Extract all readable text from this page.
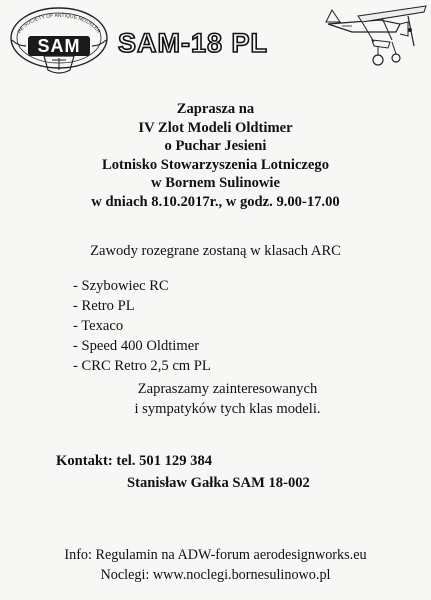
HE SOCIETY OF ANTIQUE MODELER
SAM SAM-18 PL
Zaprasza na
IV Zlot Modeli Oldtimer
o Puchar Jesieni
Lotnisko Stowarzyszenia Lotniczego
w Bornem Sulinowie
w dniach 8.10.2017r., w godz. 9.00-17.00
Zawody rozegrane zostaną w klasach ARC
- Szybowiec RC
- Retro PL
- Texaco
- Speed 400 Oldtimer
- CRC Retro 2,5 cm PL
Zapraszamy zainteresowanych
i sympatyków tych klas modeli.
Kontakt: tel. 501 129 384
Stanisław Gałka SAM 18-002
Info: Regulamin na ADW-forum aerodesignworks.eu
Noclegi: www.noclegi.bornesulinowo.pl
